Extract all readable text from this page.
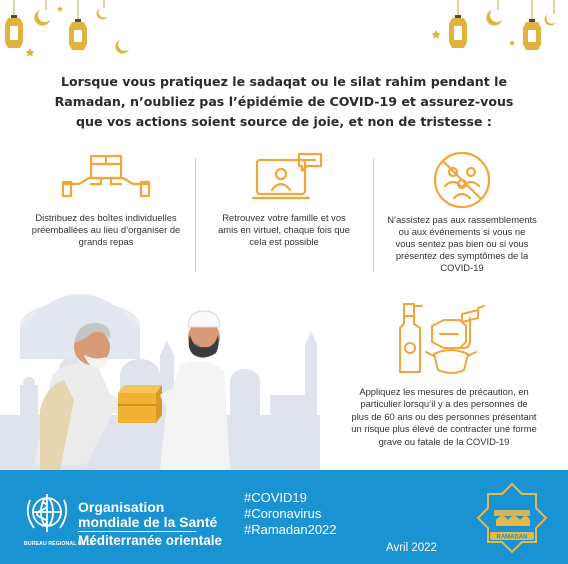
Lorsque vous pratiquez le sadaqat ou le silat rahim pendant le
Ramadan, n’oubliez pas l’épidémie de COVID-19 et assurez-vous
que vos actions soient source de joie, et non de tristesse :
Distribuez des boîtes individuelles
préemballées au lieu d’organiser de
grands repas
Retrouvez votre famille et vos
amis en virtuel, chaque fois que
cela est possible
N’assistez pas aux rassemblements
ou aux événements si vous ne
vous sentez pas bien ou si vous
présentez des symptômes de la
COVID-19
Appliquez les mesures de précaution, en
particulier lorsqu’il y a des personnes de
plus de 60 ans ou des personnes présentant
un risque plus élevé de contracter une forme
grave ou fatale de la COVID-19
Organisation
mondiale de la Santé
BUREAU RÉGIONAL DE LA
Méditerranée orientale
#COVID19
#Coronavirus
#Ramadan2022
Avril 2022
RAMADAN
